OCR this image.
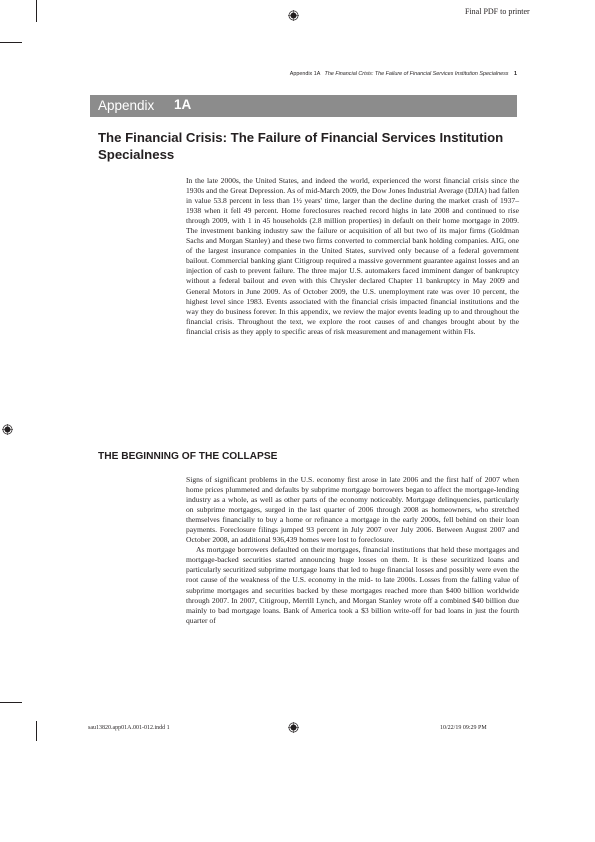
Final PDF to printer
Appendix 1A The Financial Crisis: The Failure of Financial Services Institution Specialness 1
Appendix 1A
The Financial Crisis: The Failure of Financial Services Institution Specialness

In the late 2000s, the United States, and indeed the world, experienced the worst financial crisis since the 1930s and the Great Depression. As of mid-March 2009, the Dow Jones Industrial Average (DJIA) had fallen in value 53.8 percent in less than 1½ years' time, larger than the decline during the market crash of 1937–1938 when it fell 49 percent. Home foreclosures reached record highs in late 2008 and continued to rise through 2009, with 1 in 45 households (2.8 million properties) in default on their home mortgage in 2009. The investment banking industry saw the failure or acquisition of all but two of its major firms (Goldman Sachs and Morgan Stanley) and these two firms converted to commercial bank holding companies. AIG, one of the largest insurance companies in the United States, survived only because of a federal government bailout. Commercial banking giant Citigroup required a massive government guarantee against losses and an injection of cash to prevent failure. The three major U.S. automakers faced imminent danger of bankruptcy without a federal bailout and even with this Chrysler declared Chapter 11 bankruptcy in May 2009 and General Motors in June 2009. As of October 2009, the U.S. unemployment rate was over 10 percent, the highest level since 1983. Events associated with the financial crisis impacted financial institutions and the way they do business forever. In this appendix, we review the major events leading up to and throughout the financial crisis. Throughout the text, we explore the root causes of and changes brought about by the financial crisis as they apply to specific areas of risk measurement and management within FIs.

THE BEGINNING OF THE COLLAPSE

Signs of significant problems in the U.S. economy first arose in late 2006 and the first half of 2007 when home prices plummeted and defaults by subprime mortgage borrowers began to affect the mortgage-lending industry as a whole, as well as other parts of the economy noticeably. Mortgage delinquencies, particularly on subprime mortgages, surged in the last quarter of 2006 through 2008 as homeowners, who stretched themselves financially to buy a home or refinance a mortgage in the early 2000s, fell behind on their loan payments. Foreclosure filings jumped 93 percent in July 2007 over July 2006. Between August 2007 and October 2008, an additional 936,439 homes were lost to foreclosure.

As mortgage borrowers defaulted on their mortgages, financial institutions that held these mortgages and mortgage-backed securities started announcing huge losses on them. It is these securitized loans and particularly securitized subprime mortgage loans that led to huge financial losses and possibly were even the root cause of the weakness of the U.S. economy in the mid- to late 2000s. Losses from the falling value of subprime mortgages and securities backed by these mortgages reached more than $400 billion worldwide through 2007. In 2007, Citigroup, Merrill Lynch, and Morgan Stanley wrote off a combined $40 billion due mainly to bad mortgage loans. Bank of America took a $3 billion write-off for bad loans in just the fourth quarter of

sau13820.app01A.001-012.indd 1	10/22/19 09:29 PM
